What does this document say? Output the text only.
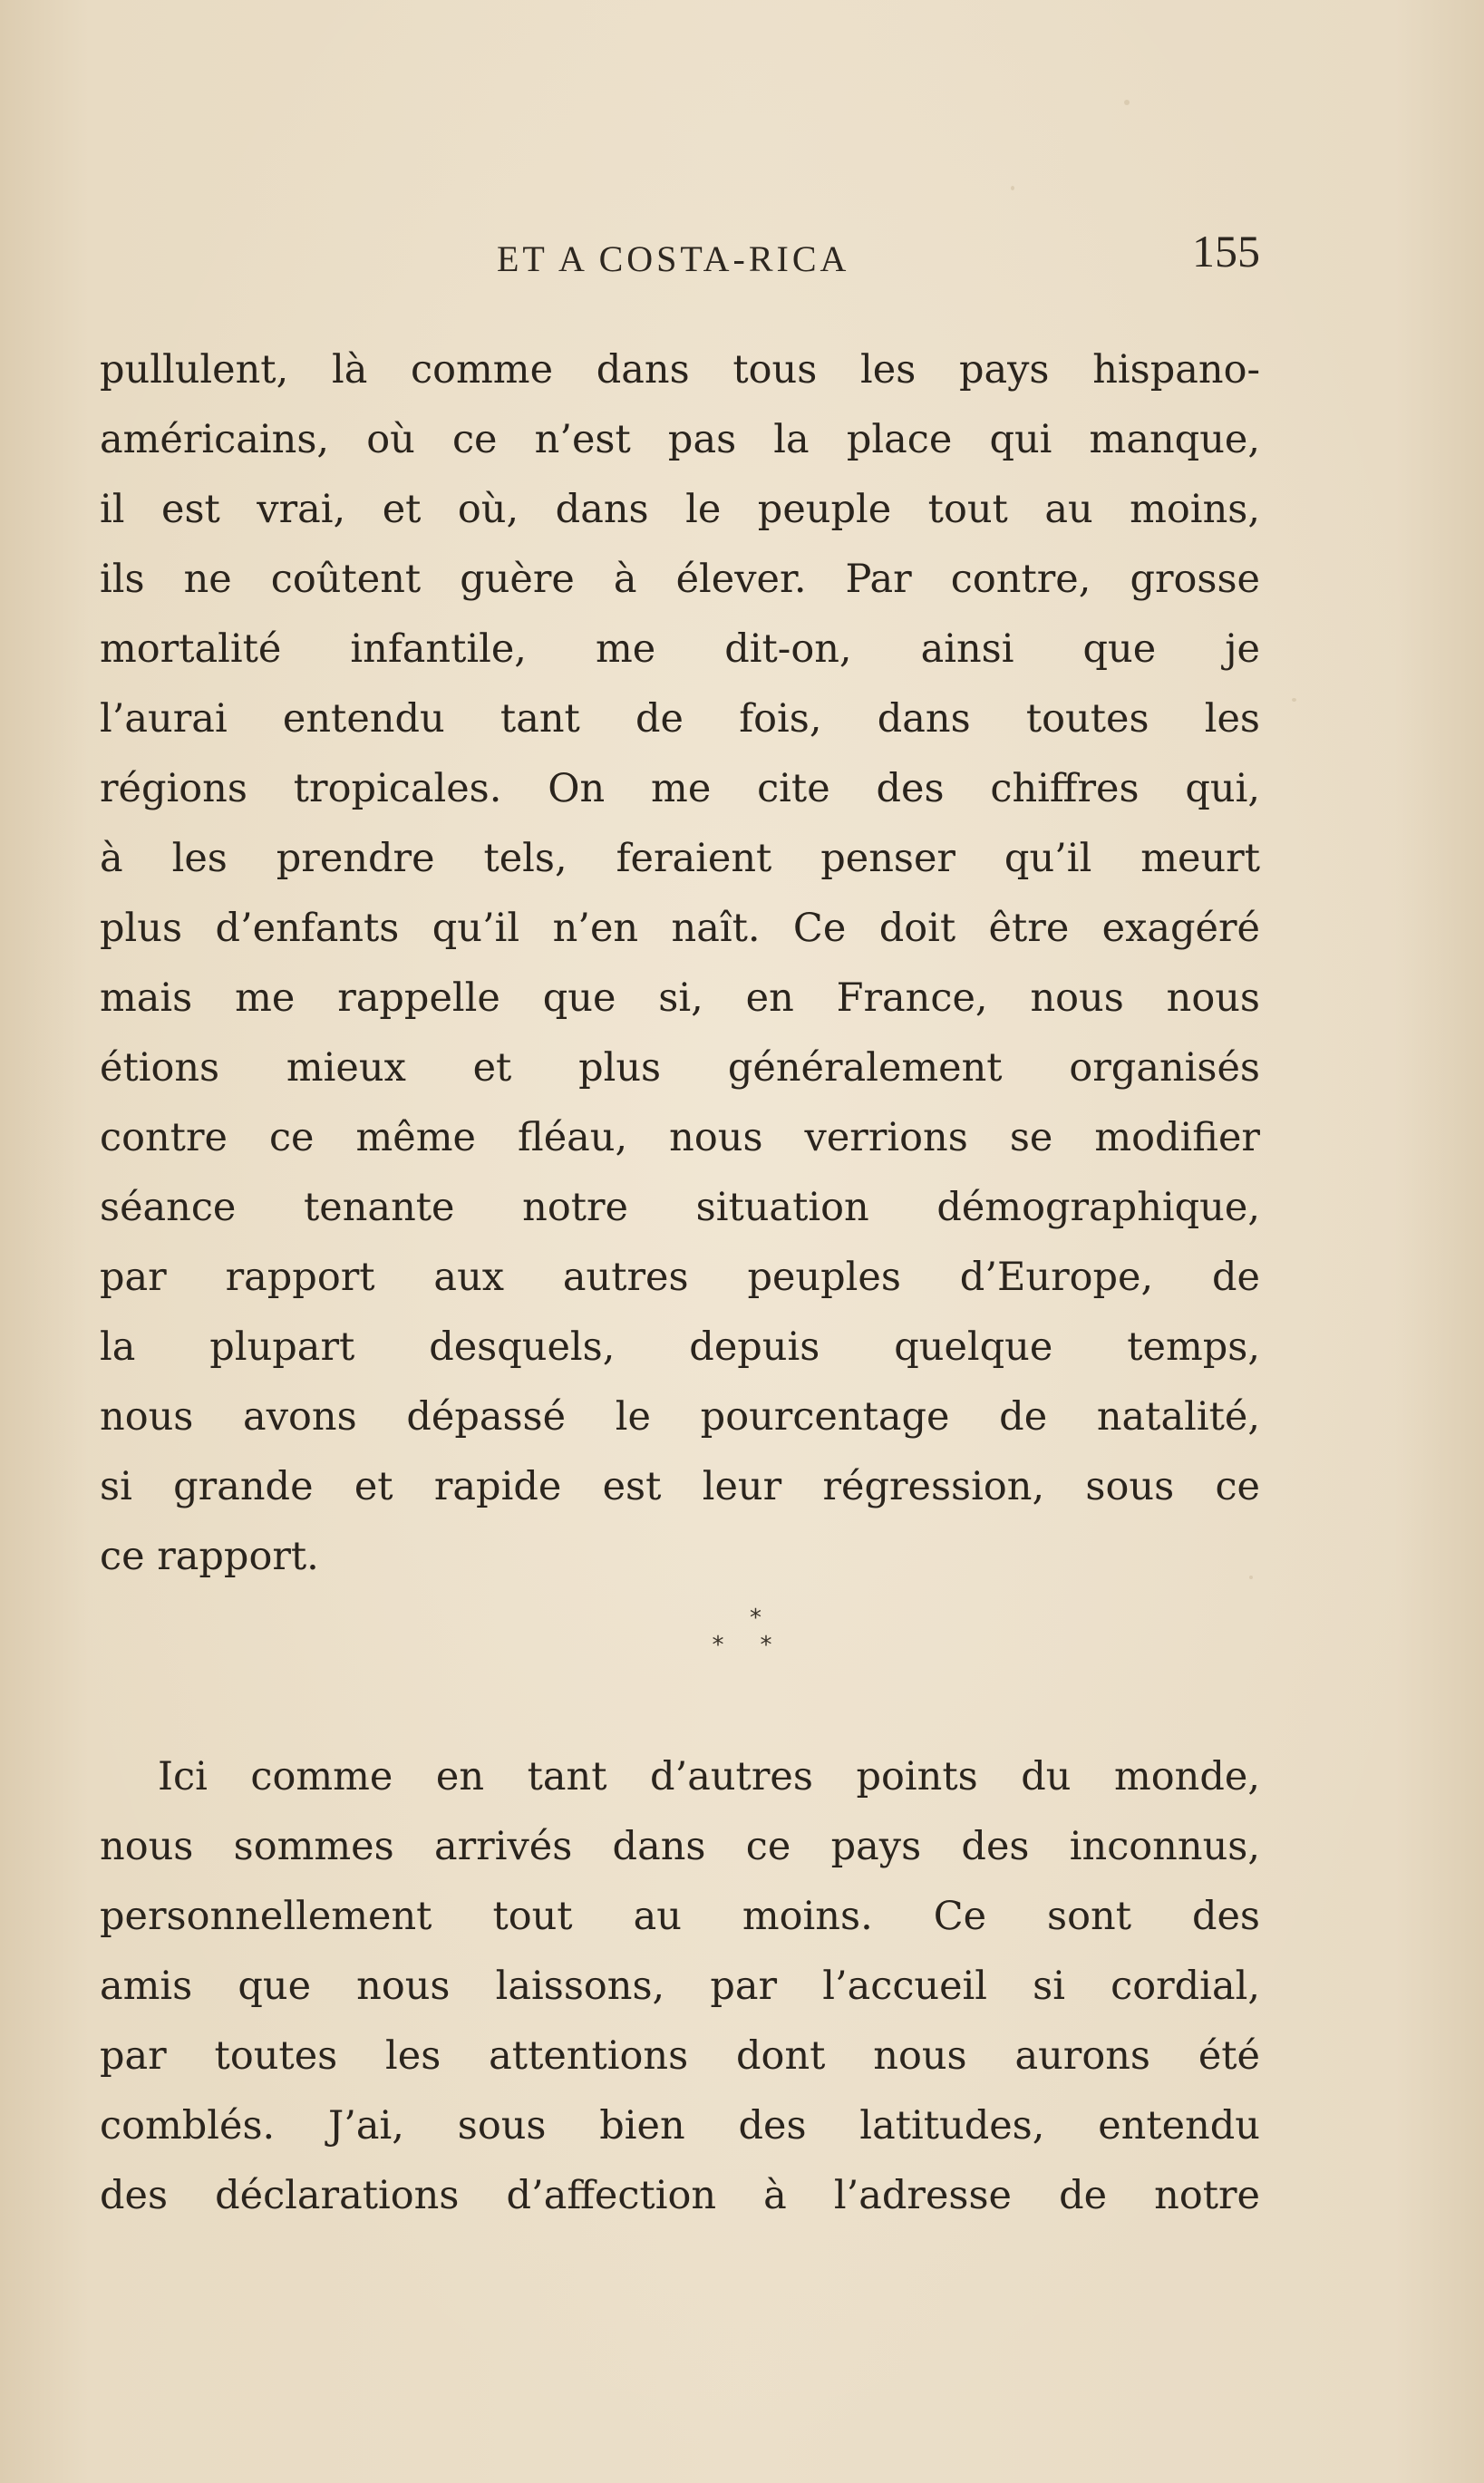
ET A COSTA-RICA	155
pullulent, là comme dans tous les pays hispano-
américains, où ce n’est pas la place qui manque,
il est vrai, et où, dans le peuple tout au moins,
ils ne coûtent guère à élever. Par contre, grosse
mortalité infantile, me dit-on, ainsi que je
l’aurai entendu tant de fois, dans toutes les
régions tropicales. On me cite des chiffres qui,
à les prendre tels, feraient penser qu’il meurt
plus d’enfants qu’il n’en naît. Ce doit être exagéré
mais me rappelle que si, en France, nous nous
étions mieux et plus généralement organisés
contre ce même fléau, nous verrions se modifier
séance tenante notre situation démographique,
par rapport aux autres peuples d’Europe, de
la plupart desquels, depuis quelque temps,
nous avons dépassé le pourcentage de natalité,
si grande et rapide est leur régression, sous ce
ce rapport.
*
**
Ici comme en tant d’autres points du monde,
nous sommes arrivés dans ce pays des inconnus,
personnellement tout au moins. Ce sont des
amis que nous laissons, par l’accueil si cordial,
par toutes les attentions dont nous aurons été
comblés. J’ai, sous bien des latitudes, entendu
des déclarations d’affection à l’adresse de notre
